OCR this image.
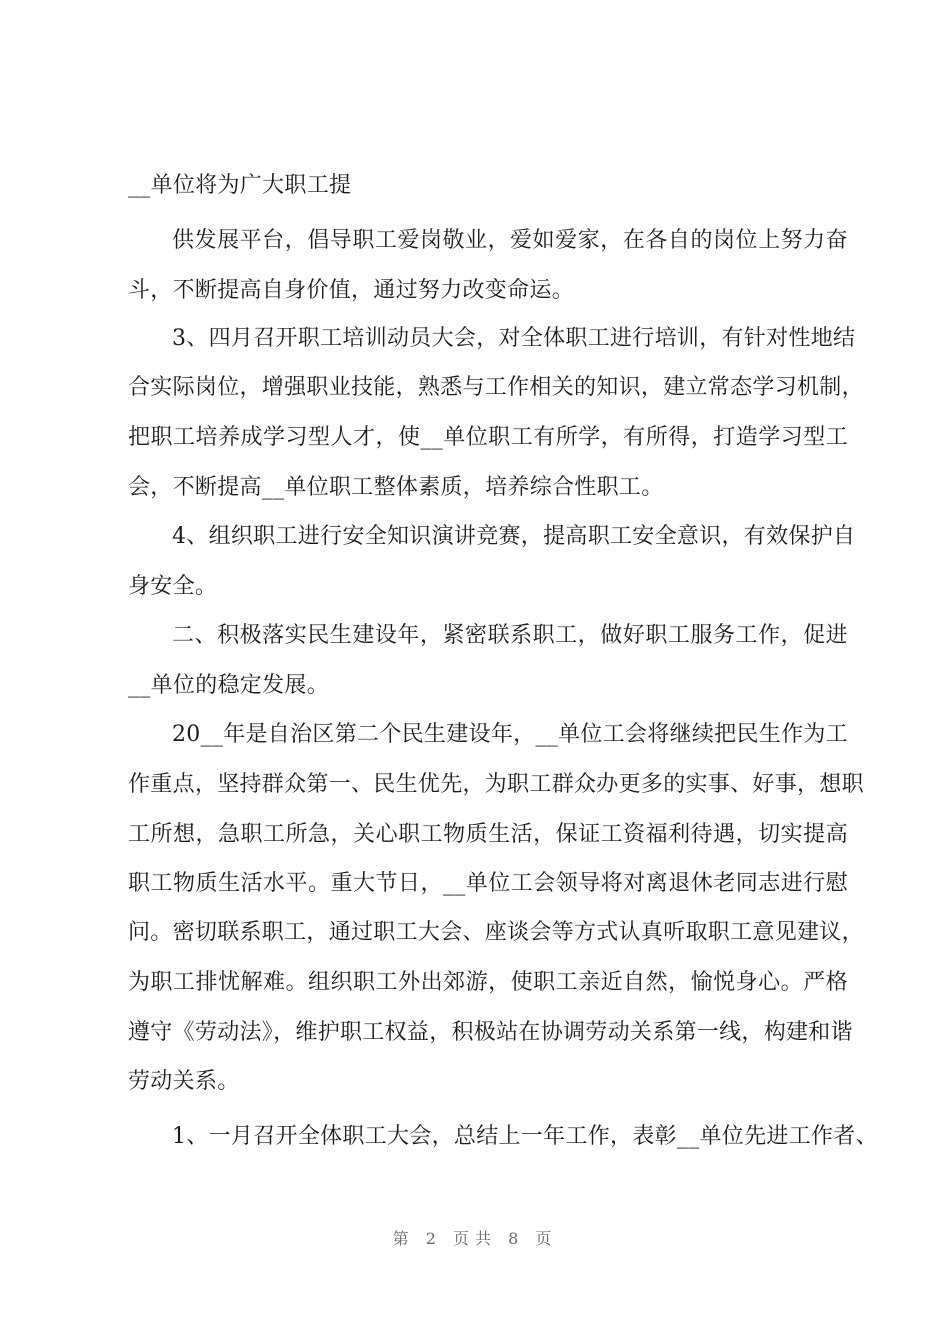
__单位将为广大职工提
供发展平台，倡导职工爱岗敬业，爱如爱家，在各自的岗位上努力奋
斗，不断提高自身价值，通过努力改变命运。
3、四月召开职工培训动员大会，对全体职工进行培训，有针对性地结
合实际岗位，增强职业技能，熟悉与工作相关的知识，建立常态学习机制，
把职工培养成学习型人才，使__单位职工有所学，有所得，打造学习型工
会，不断提高__单位职工整体素质，培养综合性职工。
4、组织职工进行安全知识演讲竞赛，提高职工安全意识，有效保护自
身安全。
二、积极落实民生建设年，紧密联系职工，做好职工服务工作，促进
__单位的稳定发展。
20__年是自治区第二个民生建设年，__单位工会将继续把民生作为工
作重点，坚持群众第一、民生优先，为职工群众办更多的实事、好事，想职
工所想，急职工所急，关心职工物质生活，保证工资福利待遇，切实提高
职工物质生活水平。重大节日，__单位工会领导将对离退休老同志进行慰
问。密切联系职工，通过职工大会、座谈会等方式认真听取职工意见建议，
为职工排忧解难。组织职工外出郊游，使职工亲近自然，愉悦身心。严格
遵守《劳动法》，维护职工权益，积极站在协调劳动关系第一线，构建和谐
劳动关系。
1、一月召开全体职工大会，总结上一年工作，表彰__单位先进工作者、
第 2 页共 8 页
